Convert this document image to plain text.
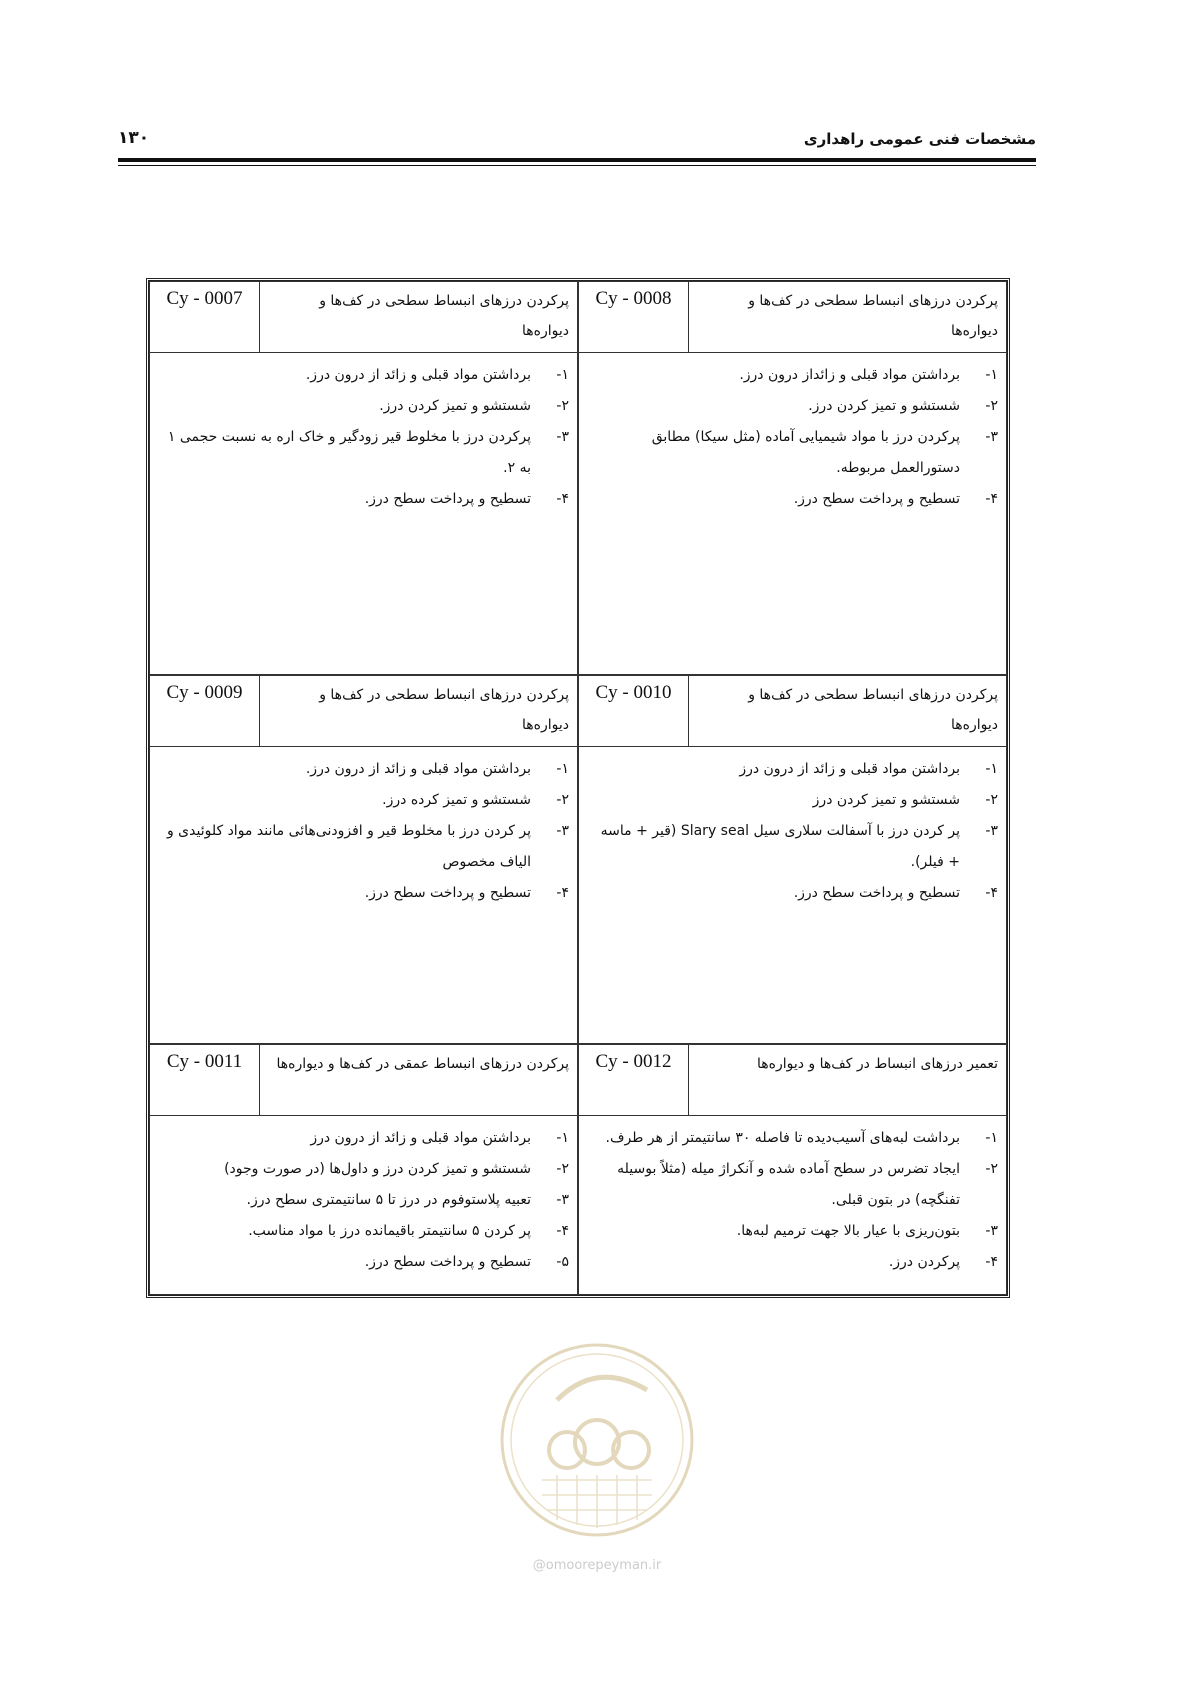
مشخصات فنی عمومی راهداری
۱۳۰
Cy - 0007	پرکردن درزهای انبساط سطحی در کف‌ها و دیواره‌ها
۱-
برداشتن مواد قبلی و زائد از درون درز.
۲-
شستشو و تمیز کردن درز.
۳-
پرکردن درز با مخلوط قیر زودگیر و خاک اره به نسبت حجمی ۱ به ۲.
۴-
تسطیح و پرداخت سطح درز.
Cy - 0008	پرکردن درزهای انبساط سطحی در کف‌ها و دیواره‌ها
۱-
برداشتن مواد قبلی و زائداز درون درز.
۲-
شستشو و تمیز کردن درز.
۳-
پرکردن درز با مواد شیمیایی آماده (مثل سیکا) مطابق دستورالعمل مربوطه.
۴-
تسطیح و پرداخت سطح درز.
Cy - 0009	پرکردن درزهای انبساط سطحی در کف‌ها و دیواره‌ها
۱-
برداشتن مواد قبلی و زائد از درون درز.
۲-
شستشو و تمیز کرده درز.
۳-
پر کردن درز با مخلوط قیر و افزودنی‌هائی مانند مواد کلوئیدی و الیاف مخصوص
۴-
تسطیح و پرداخت سطح درز.
Cy - 0010	پرکردن درزهای انبساط سطحی در کف‌ها و دیواره‌ها
۱-
برداشتن مواد قبلی و زائد از درون درز
۲-
شستشو و تمیز کردن درز
۳-
پر کردن درز با آسفالت سلاری سیل Slary seal (قیر + ماسه + فیلر).
۴-
تسطیح و پرداخت سطح درز.
Cy - 0011	پرکردن درزهای انبساط عمقی در کف‌ها و دیواره‌ها
۱-
برداشتن مواد قبلی و زائد از درون درز
۲-
شستشو و تمیز کردن درز و داول‌ها (در صورت وجود)
۳-
تعبیه پلاستوفوم در درز تا ۵ سانتیمتری سطح درز.
۴-
پر کردن ۵ سانتیمتر باقیمانده درز با مواد مناسب.
۵-
تسطیح و پرداخت سطح درز.
Cy - 0012	تعمیر درزهای انبساط در کف‌ها و دیواره‌ها
۱-
برداشت لبه‌های آسیب‌دیده تا فاصله ۳۰ سانتیمتر از هر طرف.
۲-
ایجاد تضرس در سطح آماده شده و آنکراژ میله (مثلاً بوسیله تفنگچه) در بتون قبلی.
۳-
بتون‌ریزی با عیار بالا جهت ترمیم لبه‌ها.
۴-
پرکردن درز.
@omoorepeyman.ir
